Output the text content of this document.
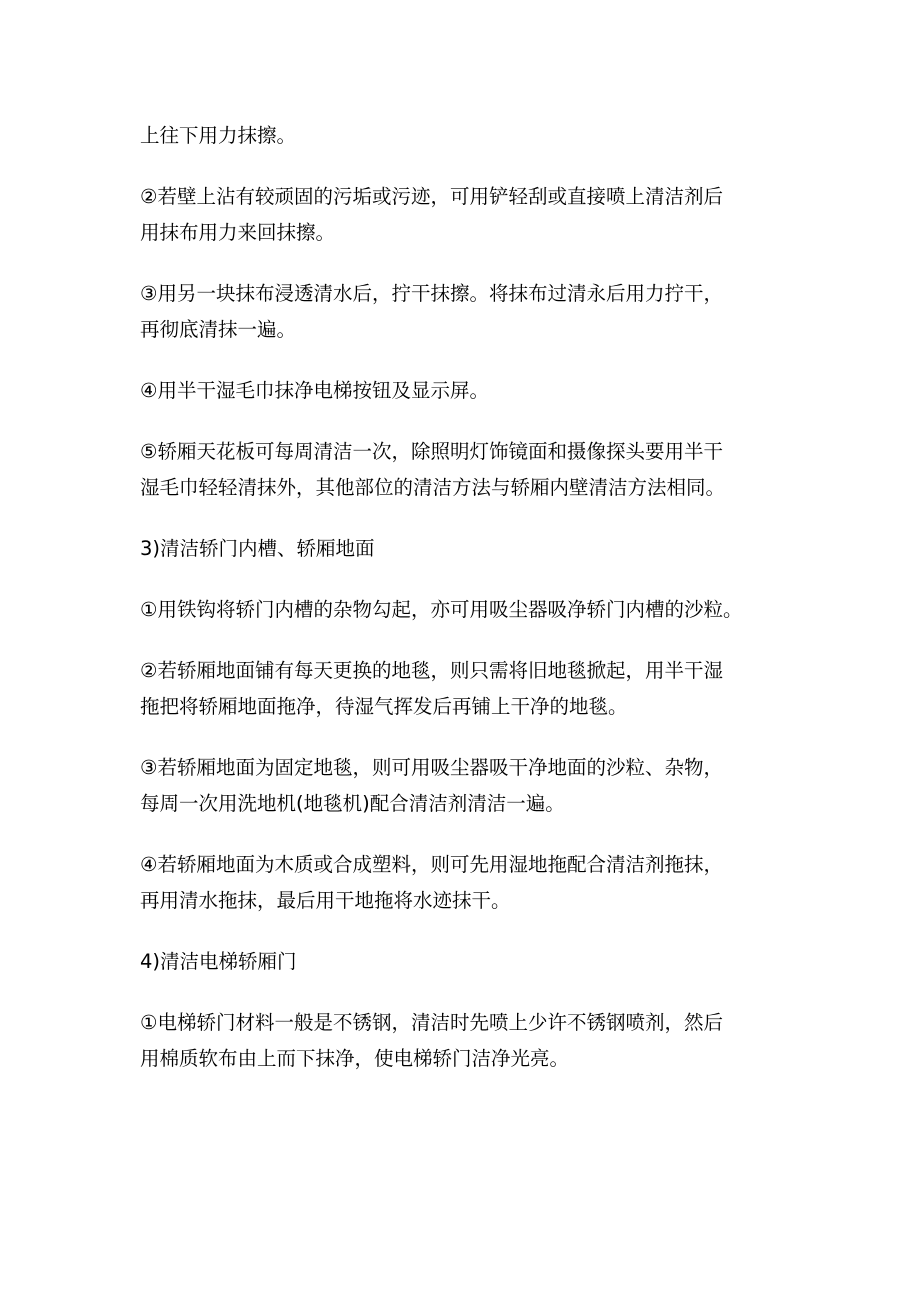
上往下用力抹擦。

②若壁上沾有较顽固的污垢或污迹，可用铲轻刮或直接喷上清洁剂后
用抹布用力来回抹擦。

③用另一块抹布浸透清水后，拧干抹擦。将抹布过清永后用力拧干，
再彻底清抹一遍。

④用半干湿毛巾抹净电梯按钮及显示屏。

⑤轿厢天花板可每周清洁一次，除照明灯饰镜面和摄像探头要用半干
湿毛巾轻轻清抹外，其他部位的清洁方法与轿厢内壁清洁方法相同。

3)清洁轿门内槽、轿厢地面

①用铁钩将轿门内槽的杂物勾起，亦可用吸尘器吸净轿门内槽的沙粒。

②若轿厢地面铺有每天更换的地毯，则只需将旧地毯掀起，用半干湿
拖把将轿厢地面拖净，待湿气挥发后再铺上干净的地毯。

③若轿厢地面为固定地毯，则可用吸尘器吸干净地面的沙粒、杂物，
每周一次用洗地机(地毯机)配合清洁剂清洁一遍。

④若轿厢地面为木质或合成塑料，则可先用湿地拖配合清洁剂拖抹，
再用清水拖抹，最后用干地拖将水迹抹干。

4)清洁电梯轿厢门

①电梯轿门材料一般是不锈钢，清洁时先喷上少许不锈钢喷剂，然后
用棉质软布由上而下抹净，使电梯轿门洁净光亮。
